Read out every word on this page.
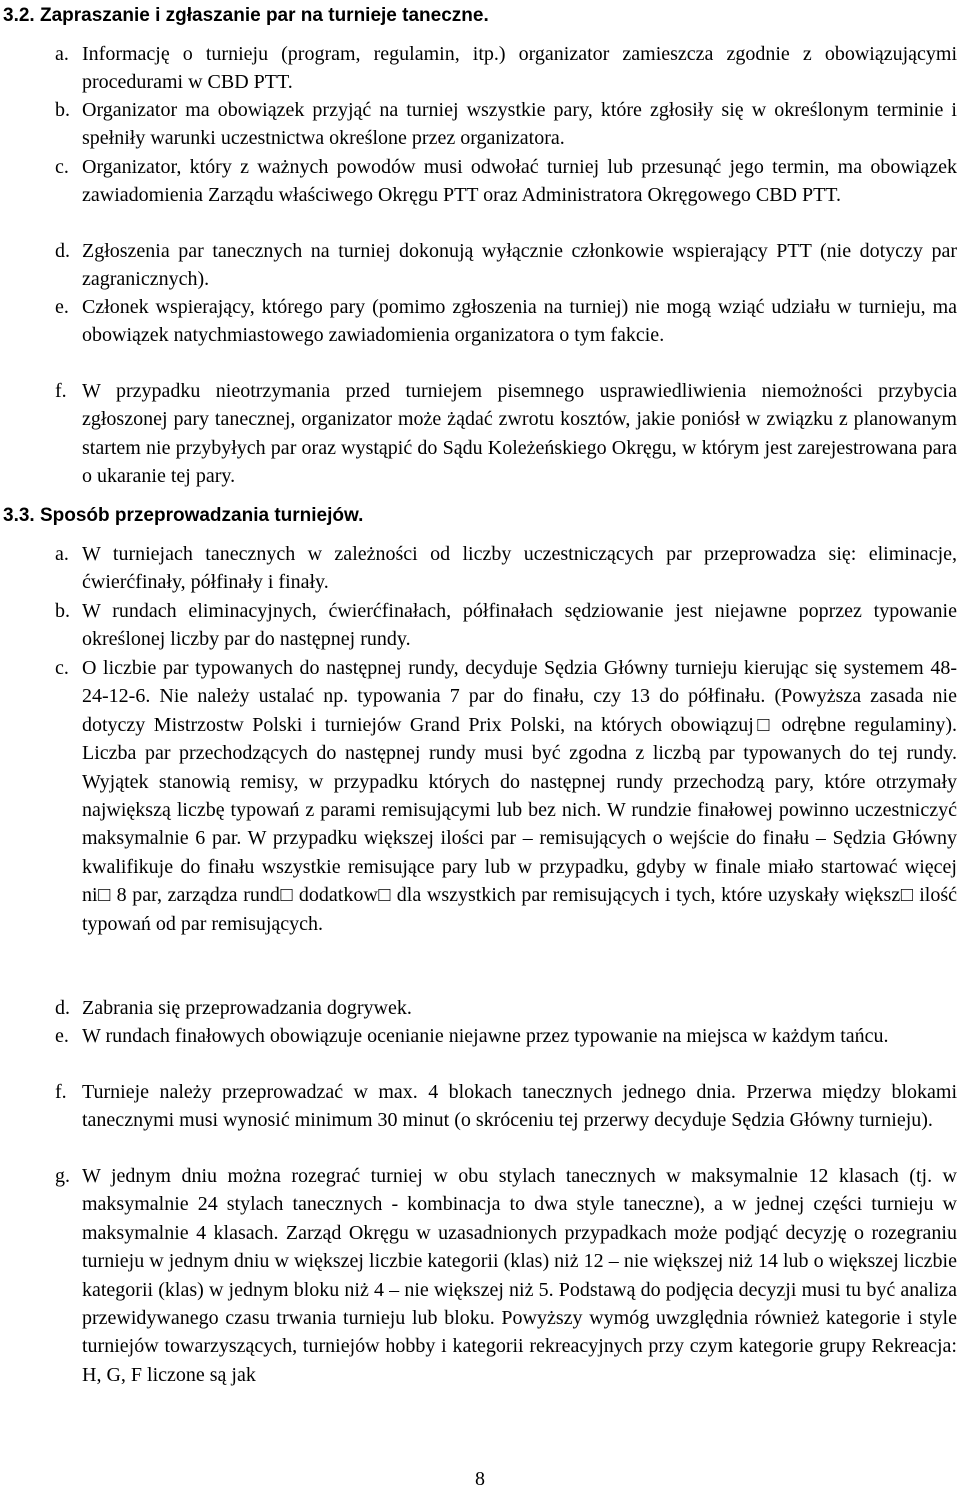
3.2. Zapraszanie i zgłaszanie par na turnieje taneczne.
a. Informację o turnieju (program, regulamin, itp.) organizator zamieszcza zgodnie z obowiązującymi procedurami w CBD PTT.
b. Organizator ma obowiązek przyjąć na turniej wszystkie pary, które zgłosiły się w określonym terminie i spełniły warunki uczestnictwa określone przez organizatora.
c. Organizator, który z ważnych powodów musi odwołać turniej lub przesunąć jego termin, ma obowiązek zawiadomienia Zarządu właściwego Okręgu PTT oraz Administratora Okręgowego CBD PTT.
d. Zgłoszenia par tanecznych na turniej dokonują wyłącznie członkowie wspierający PTT (nie dotyczy par zagranicznych).
e. Członek wspierający, którego pary (pomimo zgłoszenia na turniej) nie mogą wziąć udziału w turnieju, ma obowiązek natychmiastowego zawiadomienia organizatora o tym fakcie.
f. W przypadku nieotrzymania przed turniejem pisemnego usprawiedliwienia niemożności przybycia zgłoszonej pary tanecznej, organizator może żądać zwrotu kosztów, jakie poniósł w związku z planowanym startem nie przybyłych par oraz wystąpić do Sądu Koleżeńskiego Okręgu, w którym jest zarejestrowana para o ukaranie tej pary.
3.3. Sposób przeprowadzania turniejów.
a. W turniejach tanecznych w zależności od liczby uczestniczących par przeprowadza się: eliminacje, ćwierćfinały, półfinały i finały.
b. W rundach eliminacyjnych, ćwierćfinałach, półfinałach sędziowanie jest niejawne poprzez typowanie określonej liczby par do następnej rundy.
c. O liczbie par typowanych do następnej rundy, decyduje Sędzia Główny turnieju kierując się systemem 48-24-12-6. Nie należy ustalać np. typowania 7 par do finału, czy 13 do półfinału. (Powyższa zasada nie dotyczy Mistrzostw Polski i turniejów Grand Prix Polski, na których obowiązuj□ odrębne regulaminy). Liczba par przechodzących do następnej rundy musi być zgodna z liczbą par typowanych do tej rundy. Wyjątek stanowią remisy, w przypadku których do następnej rundy przechodzą pary, które otrzymały największą liczbę typowań z parami remisującymi lub bez nich. W rundzie finałowej powinno uczestniczyć maksymalnie 6 par. W przypadku większej ilości par – remisujących o wejście do finału – Sędzia Główny kwalifikuje do finału wszystkie remisujące pary lub w przypadku, gdyby w finale miało startować więcej ni□ 8 par, zarządza rund□ dodatkow□ dla wszystkich par remisujących i tych, które uzyskały większ□ ilość typowań od par remisujących.
d. Zabrania się przeprowadzania dogrywek.
e. W rundach finałowych obowiązuje ocenianie niejawne przez typowanie na miejsca w każdym tańcu.
f. Turnieje należy przeprowadzać w max. 4 blokach tanecznych jednego dnia. Przerwa między blokami tanecznymi musi wynosić minimum 30 minut (o skróceniu tej przerwy decyduje Sędzia Główny turnieju).
g. W jednym dniu można rozegrać turniej w obu stylach tanecznych w maksymalnie 12 klasach (tj. w maksymalnie 24 stylach tanecznych - kombinacja to dwa style taneczne), a w jednej części turnieju w maksymalnie 4 klasach. Zarząd Okręgu w uzasadnionych przypadkach może podjąć decyzję o rozegraniu turnieju w jednym dniu w większej liczbie kategorii (klas) niż 12 – nie większej niż 14 lub o większej liczbie kategorii (klas) w jednym bloku niż 4 – nie większej niż 5. Podstawą do podjęcia decyzji musi tu być analiza przewidywanego czasu trwania turnieju lub bloku. Powyższy wymóg uwzględnia również kategorie i style turniejów towarzyszących, turniejów hobby i kategorii rekreacyjnych przy czym kategorie grupy Rekreacja: H, G, F liczone są jak
8
